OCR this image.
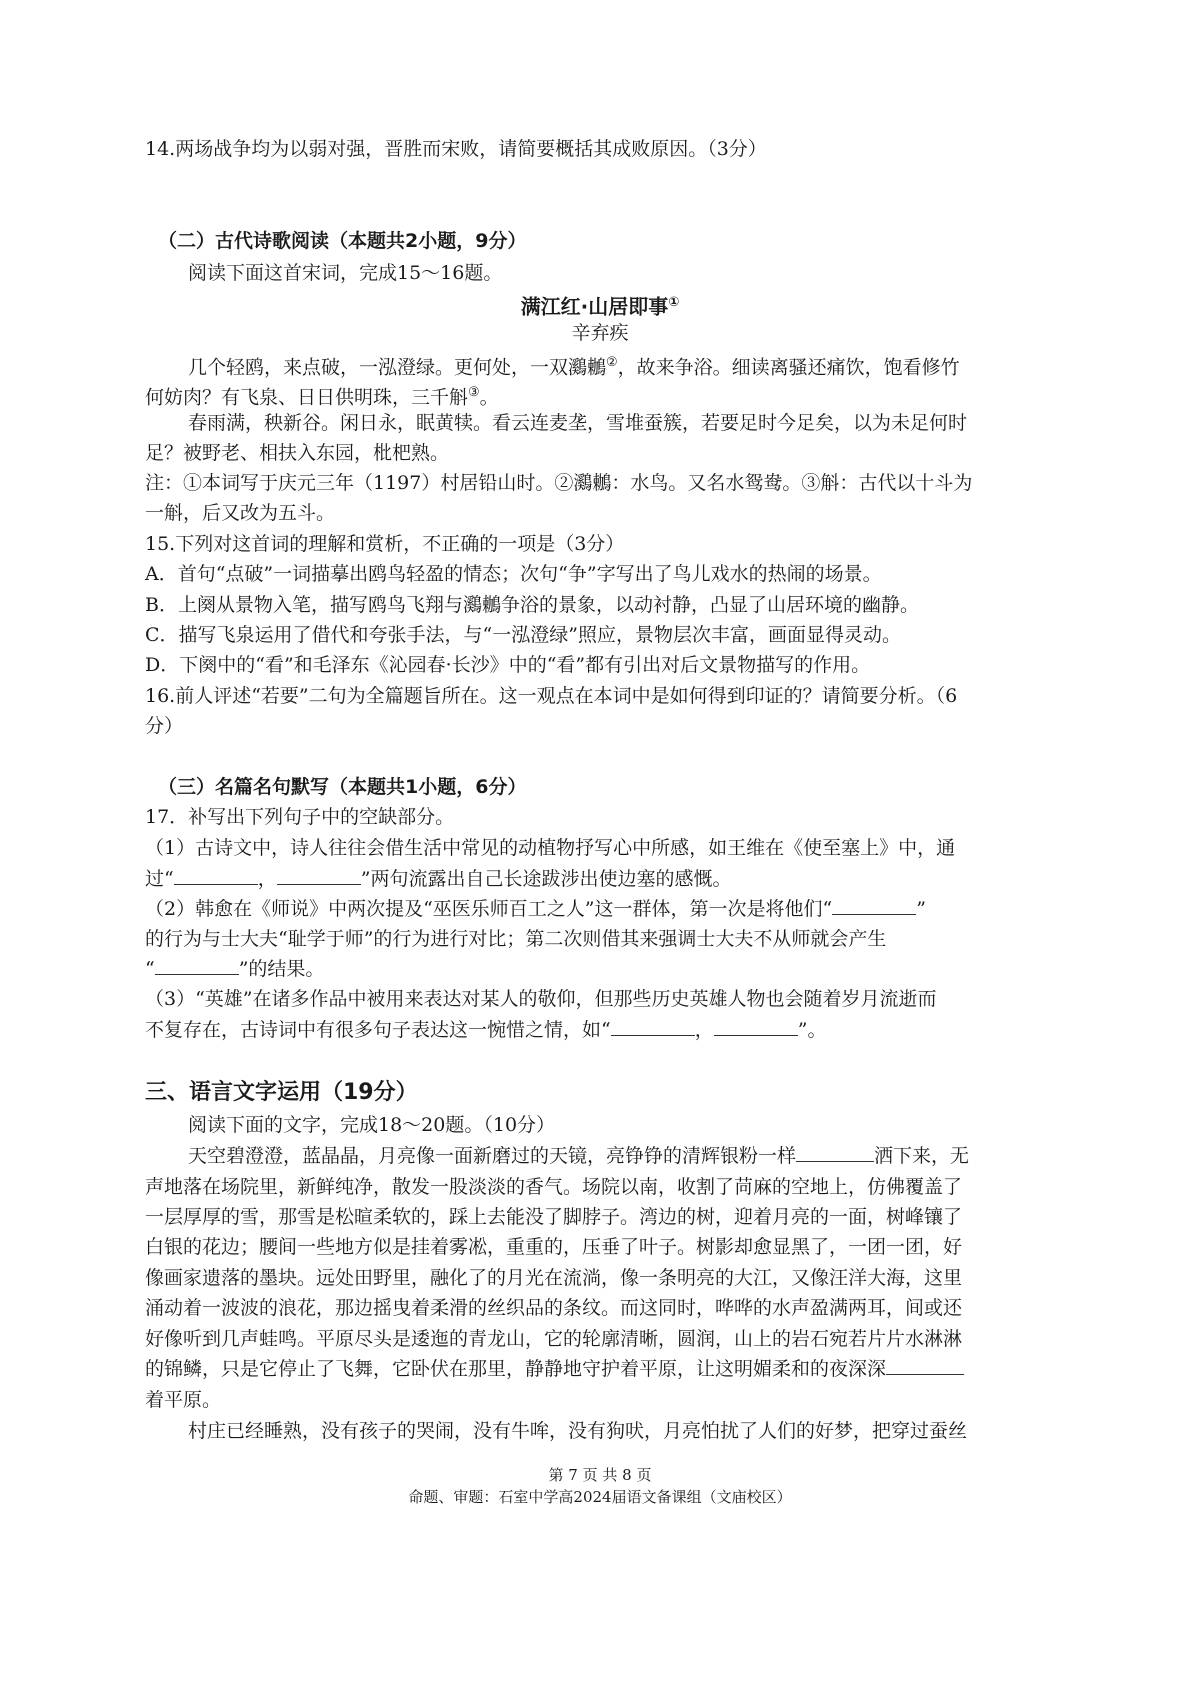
14.两场战争均为以弱对强，晋胜而宋败，请简要概括其成败原因。（3分）
（二）古代诗歌阅读（本题共2小题，9分）
阅读下面这首宋词，完成15～16题。
满江红·山居即事①
辛弃疾
几个轻鸥，来点破，一泓澄绿。更何处，一双鸂鶒②，故来争浴。细读离骚还痛饮，饱看修竹
何妨肉？有飞泉、日日供明珠，三千斛③。
春雨满，秧新谷。闲日永，眠黄犊。看云连麦垄，雪堆蚕簇，若要足时今足矣，以为未足何时
足？被野老、相扶入东园，枇杷熟。
注：①本词写于庆元三年（1197）村居铅山时。②鸂鶒：水鸟。又名水鸳鸯。③斛：古代以十斗为
一斛，后又改为五斗。
15.下列对这首词的理解和赏析，不正确的一项是（3分）
A．首句“点破”一词描摹出鸥鸟轻盈的情态；次句“争”字写出了鸟儿戏水的热闹的场景。
B．上阕从景物入笔，描写鸥鸟飞翔与鸂鶒争浴的景象，以动衬静，凸显了山居环境的幽静。
C．描写飞泉运用了借代和夸张手法，与“一泓澄绿”照应，景物层次丰富，画面显得灵动。
D．下阕中的“看”和毛泽东《沁园春·长沙》中的“看”都有引出对后文景物描写的作用。
16.前人评述“若要”二句为全篇题旨所在。这一观点在本词中是如何得到印证的？请简要分析。（6
分）
（三）名篇名句默写（本题共1小题，6分）
17．补写出下列句子中的空缺部分。
（1）古诗文中，诗人往往会借生活中常见的动植物抒写心中所感，如王维在《使至塞上》中，通
过“	，	”两句流露出自己长途跋涉出使边塞的感慨。
（2）韩愈在《师说》中两次提及“巫医乐师百工之人”这一群体，第一次是将他们“	”
的行为与士大夫“耻学于师”的行为进行对比；第二次则借其来强调士大夫不从师就会产生
“	”的结果。
（3）“英雄”在诸多作品中被用来表达对某人的敬仰，但那些历史英雄人物也会随着岁月流逝而
不复存在，古诗词中有很多句子表达这一惋惜之情，如“	，	”。
三、语言文字运用（19分）
阅读下面的文字，完成18～20题。（10分）
天空碧澄澄，蓝晶晶，月亮像一面新磨过的天镜，亮铮铮的清辉银粉一样	洒下来，无
声地落在场院里，新鲜纯净，散发一股淡淡的香气。场院以南，收割了苘麻的空地上，仿佛覆盖了
一层厚厚的雪，那雪是松暄柔软的，踩上去能没了脚脖子。湾边的树，迎着月亮的一面，树峰镶了
白银的花边；腰间一些地方似是挂着雾凇，重重的，压垂了叶子。树影却愈显黑了，一团一团，好
像画家遗落的墨块。远处田野里，融化了的月光在流淌，像一条明亮的大江，又像汪洋大海，这里
涌动着一波波的浪花，那边摇曳着柔滑的丝织品的条纹。而这同时，哗哗的水声盈满两耳，间或还
好像听到几声蛙鸣。平原尽头是逶迤的青龙山，它的轮廓清晰，圆润，山上的岩石宛若片片水淋淋
的锦鳞，只是它停止了飞舞，它卧伏在那里，静静地守护着平原，让这明媚柔和的夜深深
着平原。
村庄已经睡熟，没有孩子的哭闹，没有牛哞，没有狗吠，月亮怕扰了人们的好梦，把穿过蚕丝
第 7 页 共 8 页
命题、审题：石室中学高2024届语文备课组（文庙校区）
